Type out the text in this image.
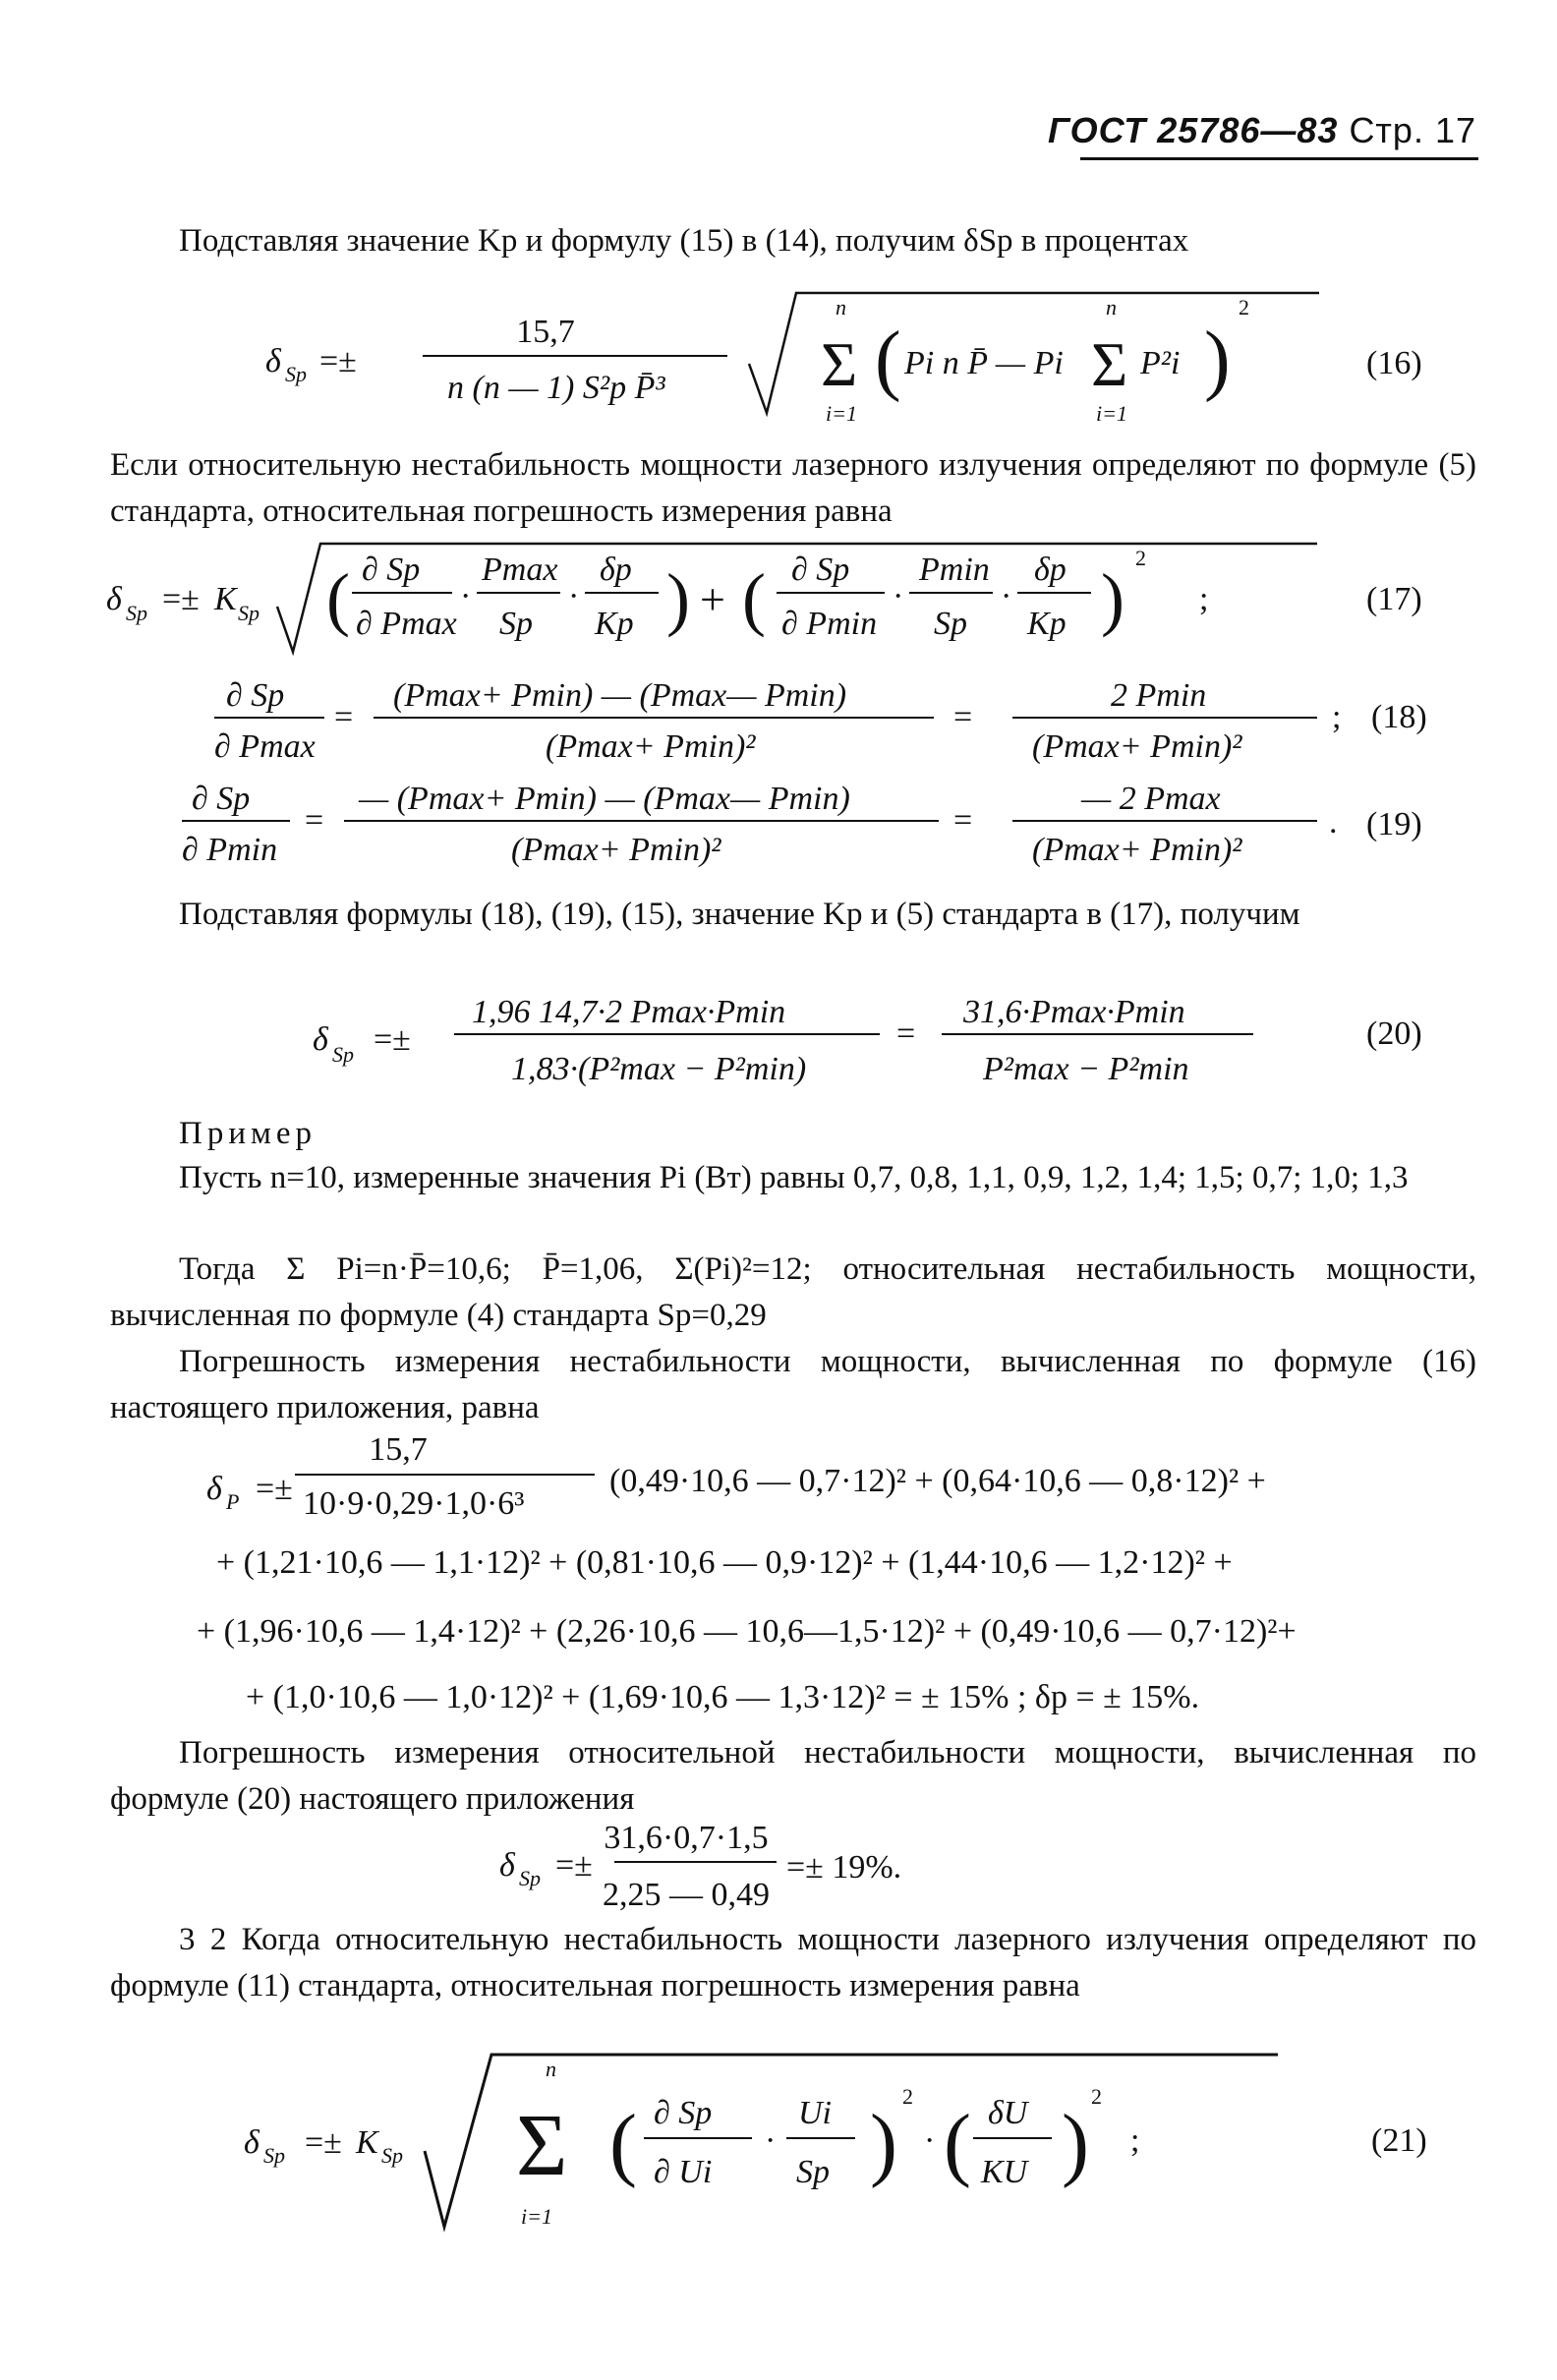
ГОСТ 25786—83 Стр. 17
Подставляя значение Kр и формулу (15) в (14), получим δSp в процентах
δ Sp =±
15,7
n (n — 1) S²p P̄³ Σ
n
i=1
( Pi n P̄ — Pi Σ
n
i=1
P²i )
2
(16)
Если относительную нестабильность мощности лазерного излучения определяют по формуле (5) стандарта, относительная погрешность измерения равна
δ Sp =± K Sp ( ∂ Sp
∂ Pmax
·
Pmax
Sp
·
δp
Kp ) + ( ∂ Sp
∂ Pmin
·
Pmin
Sp
·
δp
Kp )
2
;	(17)
∂ Sp
∂ Pmax
=
(Pmax+ Pmin) — (Pmax— Pmin)
(Pmax+ Pmin)²
=
2 Pmin
(Pmax+ Pmin)²
; (18)
∂ Sp
∂ Pmin
=
— (Pmax+ Pmin) — (Pmax— Pmin)
(Pmax+ Pmin)²
=
— 2 Pmax
(Pmax+ Pmin)²
. (19)
Подставляя формулы (18), (19), (15), значение Kр и (5) стандарта в (17), получим
δ Sp =±
1,96 14,7·2 Pmax·Pmin
1,83·(P²max − P²min)
=
31,6·Pmax·Pmin
P²max − P²min
(20)
Пример
Пусть n=10, измеренные значения Pi (Вт) равны 0,7, 0,8, 1,1, 0,9, 1,2, 1,4; 1,5; 0,7; 1,0; 1,3
Тогда Σ Pi=n·P̄=10,6; P̄=1,06, Σ(Pi)²=12; относительная нестабильность мощности, вычисленная по формуле (4) стандарта Sр=0,29
Погрешность измерения нестабильности мощности, вычисленная по формуле (16) настоящего приложения, равна
δ P =±
15,7
10·9·0,29·1,0·6³
(0,49·10,6 — 0,7·12)² + (0,64·10,6 — 0,8·12)² +
+ (1,21·10,6 — 1,1·12)² + (0,81·10,6 — 0,9·12)² + (1,44·10,6 — 1,2·12)² +
+ (1,96·10,6 — 1,4·12)² + (2,26·10,6 — 10,6—1,5·12)² + (0,49·10,6 — 0,7·12)²+
+ (1,0·10,6 — 1,0·12)² + (1,69·10,6 — 1,3·12)² = ± 15% ; δр = ± 15%.
Погрешность измерения относительной нестабильности мощности, вычисленная по формуле (20) настоящего приложения
δ Sp =±
31,6·0,7·1,5
2,25 — 0,49
=± 19%.
3 2 Когда относительную нестабильность мощности лазерного излучения определяют по формуле (11) стандарта, относительная погрешность измерения равна
δ Sp =± K Sp
n
Σ
i=1
( ∂ Sp
∂ Ui
·
Ui
Sp )
2
· ( δU
KU )
2
;	(21)
